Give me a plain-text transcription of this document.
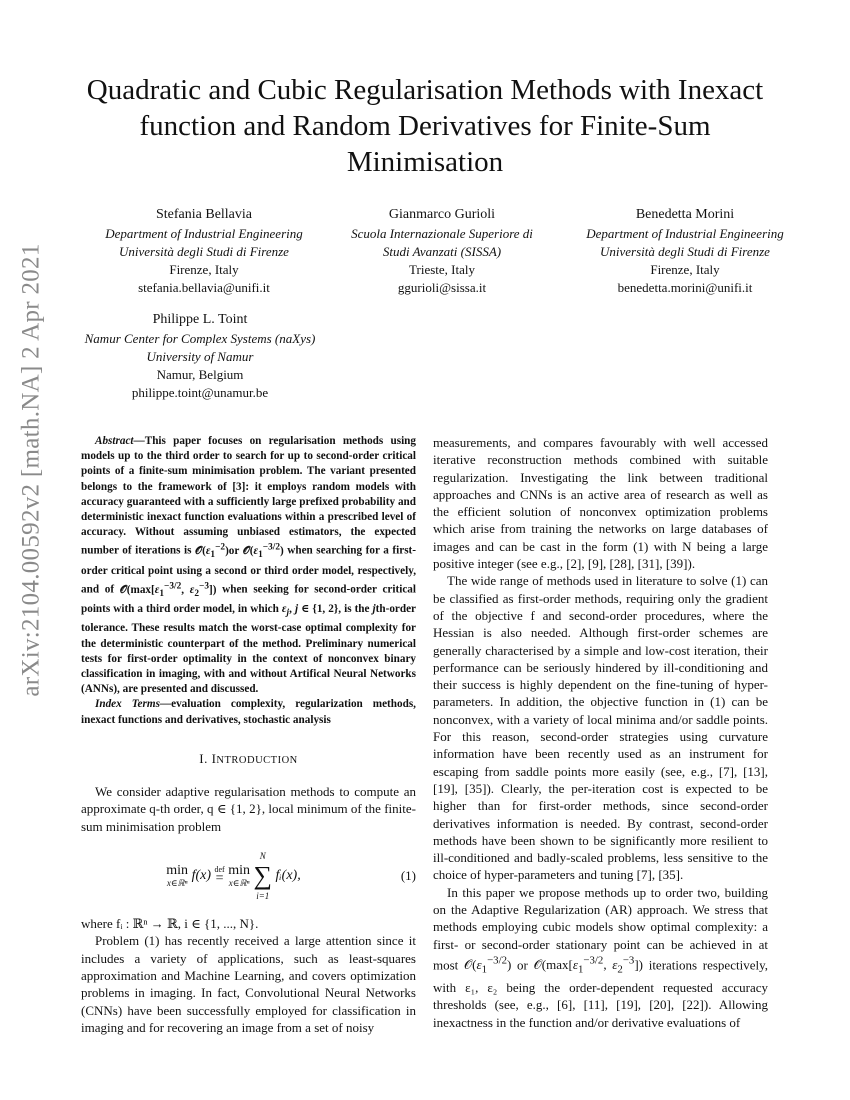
arXiv:2104.00592v2 [math.NA] 2 Apr 2021
Quadratic and Cubic Regularisation Methods with Inexact function and Random Derivatives for Finite-Sum Minimisation
Stefania Bellavia
Department of Industrial Engineering
Università degli Studi di Firenze
Firenze, Italy
stefania.bellavia@unifi.it
Gianmarco Gurioli
Scuola Internazionale Superiore di
Studi Avanzati (SISSA)
Trieste, Italy
ggurioli@sissa.it
Benedetta Morini
Department of Industrial Engineering
Università degli Studi di Firenze
Firenze, Italy
benedetta.morini@unifi.it
Philippe L. Toint
Namur Center for Complex Systems (naXys)
University of Namur
Namur, Belgium
philippe.toint@unamur.be

Abstract—This paper focuses on regularisation methods using models up to the third order to search for up to second-order critical points of a finite-sum minimisation problem. The variant presented belongs to the framework of [3]: it employs random models with accuracy guaranteed with a sufficiently large prefixed probability and deterministic inexact function evaluations within a prescribed level of accuracy. Without assuming unbiased estimators, the expected number of iterations is $𝒪(\varepsilon_1^{-2})or$ $𝒪(\varepsilon_1^{-3/2})$ when searching for a first-order critical point using a second or third order model, respectively, and of $𝒪(\max[\varepsilon_1^{-3/2}$, $\varepsilon_2^{-3}$]) when seeking for second-order critical points with a third order model, in which $\varepsilon_j$, j ∈ {1, 2}, is the jth-order tolerance. These results match the worst-case optimal complexity for the deterministic counterpart of the method. Preliminary numerical tests for first-order optimality in the context of nonconvex binary classification in imaging, with and without Artifical Neural Networks (ANNs), are presented and discussed.

Index Terms—evaluation complexity, regularization methods, inexact functions and derivatives, stochastic analysis

I. INTRODUCTION

We consider adaptive regularisation methods to compute an approximate q-th order, q ∈ {1, 2}, local minimum of the finite-sum minimisation problem

min
x∈ℝⁿ f(x) def
= min
x∈ℝⁿ
N
∑
i=1 fᵢ(x),	(1)

where fᵢ : ℝⁿ → ℝ, i ∈ {1, ..., N}.

Problem (1) has recently received a large attention since it includes a variety of applications, such as least-squares approximation and Machine Learning, and covers optimization problems in imaging. In fact, Convolutional Neural Networks (CNNs) have been successfully employed for classification in imaging and for recovering an image from a set of noisy

measurements, and compares favourably with well accessed iterative reconstruction methods combined with suitable regularization. Investigating the link between traditional approaches and CNNs is an active area of research as well as the efficient solution of nonconvex optimization problems which arise from training the networks on large databases of images and can be cast in the form (1) with N being a large positive integer (see e.g., [2], [9], [28], [31], [39]).

The wide range of methods used in literature to solve (1) can be classified as first-order methods, requiring only the gradient of the objective f and second-order procedures, where the Hessian is also needed. Although first-order schemes are generally characterised by a simple and low-cost iteration, their performance can be seriously hindered by ill-conditioning and their success is highly dependent on the fine-tuning of hyper-parameters. In addition, the objective function in (1) can be nonconvex, with a variety of local minima and/or saddle points. For this reason, second-order strategies using curvature information have been recently used as an instrument for escaping from saddle points more easily (see, e.g., [7], [13], [19], [35]). Clearly, the per-iteration cost is expected to be higher than for first-order methods, since second-order derivatives information is needed. By contrast, second-order methods have been shown to be significantly more resilient to ill-conditioned and badly-scaled problems, less sensitive to the choice of hyper-parameters and tuning [7], [35].

In this paper we propose methods up to order two, building on the Adaptive Regularization (AR) approach. We stress that methods employing cubic models show optimal complexity: a first- or second-order stationary point can be achieved in at most $𝒪(\varepsilon_1^{-3/2})$ or $𝒪(\max[\varepsilon_1^{-3/2}$, $\varepsilon_2^{-3}$]) iterations respectively, with ε₁, ε₂ being the order-dependent requested accuracy thresholds (see, e.g., [6], [11], [19], [20], [22]). Allowing inexactness in the function and/or derivative evaluations of
